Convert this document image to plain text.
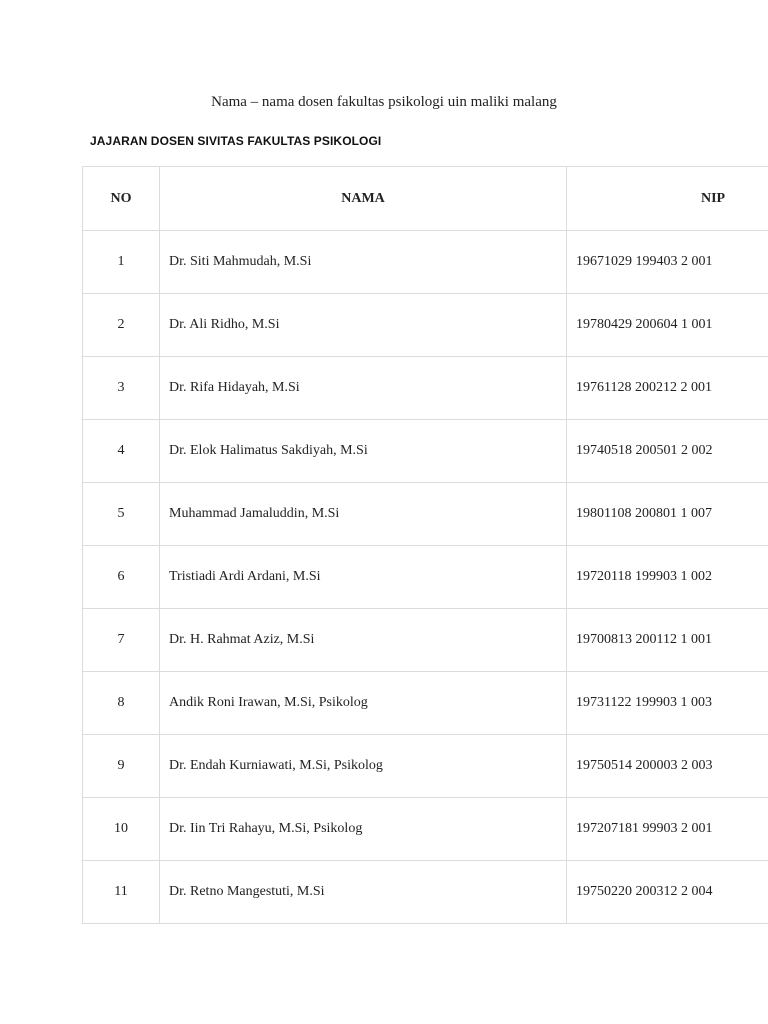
Nama – nama dosen fakultas psikologi uin maliki malang
JAJARAN DOSEN SIVITAS FAKULTAS PSIKOLOGI
NO	NAMA	NIP
1	Dr. Siti Mahmudah, M.Si	19671029 199403 2 001
2	Dr. Ali Ridho, M.Si	19780429 200604 1 001
3	Dr. Rifa Hidayah, M.Si	19761128 200212 2 001
4	Dr. Elok Halimatus Sakdiyah, M.Si	19740518 200501 2 002
5	Muhammad Jamaluddin, M.Si	19801108 200801 1 007
6	Tristiadi Ardi Ardani, M.Si	19720118 199903 1 002
7	Dr. H. Rahmat Aziz, M.Si	19700813 200112 1 001
8	Andik Roni Irawan, M.Si, Psikolog	19731122 199903 1 003
9	Dr. Endah Kurniawati, M.Si, Psikolog	19750514 200003 2 003
10	Dr. Iin Tri Rahayu, M.Si, Psikolog	197207181 99903 2 001
11	Dr. Retno Mangestuti, M.Si	19750220 200312 2 004
